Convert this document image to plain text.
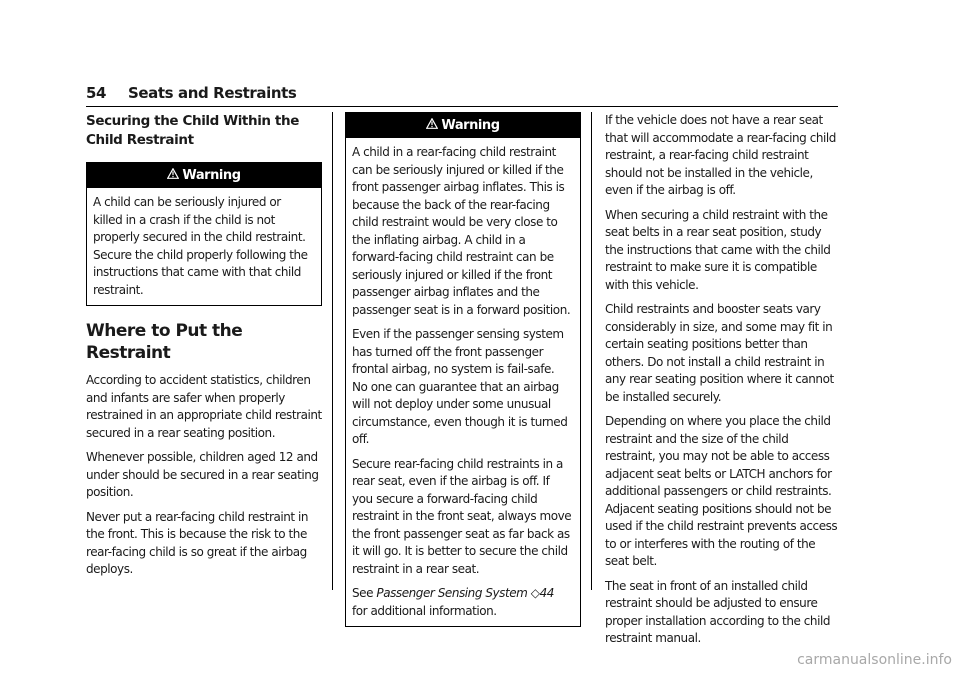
54 Seats and Restraints
Securing the Child Within the Child Restraint
Warning

A child can be seriously injured or killed in a crash if the child is not properly secured in the child restraint. Secure the child properly following the instructions that came with that child restraint.

Where to Put the Restraint

According to accident statistics, children and infants are safer when properly restrained in an appropriate child restraint secured in a rear seating position.

Whenever possible, children aged 12 and under should be secured in a rear seating position.

Never put a rear-facing child restraint in the front. This is because the risk to the rear-facing child is so great if the airbag deploys.

Warning

A child in a rear-facing child restraint can be seriously injured or killed if the front passenger airbag inflates. This is because the back of the rear-facing child restraint would be very close to the inflating airbag. A child in a forward-facing child restraint can be seriously injured or killed if the front passenger airbag inflates and the passenger seat is in a forward position.

Even if the passenger sensing system has turned off the front passenger frontal airbag, no system is fail-safe. No one can guarantee that an airbag will not deploy under some unusual circumstance, even though it is turned off.

Secure rear-facing child restraints in a rear seat, even if the airbag is off. If you secure a forward-facing child restraint in the front seat, always move the front passenger seat as far back as it will go. It is better to secure the child restraint in a rear seat.

See Passenger Sensing System ◇44 for additional information.

If the vehicle does not have a rear seat that will accommodate a rear-facing child restraint, a rear-facing child restraint should not be installed in the vehicle, even if the airbag is off.

When securing a child restraint with the seat belts in a rear seat position, study the instructions that came with the child restraint to make sure it is compatible with this vehicle.

Child restraints and booster seats vary considerably in size, and some may fit in certain seating positions better than others. Do not install a child restraint in any rear seating position where it cannot be installed securely.

Depending on where you place the child restraint and the size of the child restraint, you may not be able to access adjacent seat belts or LATCH anchors for additional passengers or child restraints. Adjacent seating positions should not be used if the child restraint prevents access to or interferes with the routing of the seat belt.

The seat in front of an installed child restraint should be adjusted to ensure proper installation according to the child restraint manual.

carmanualsonline.info
